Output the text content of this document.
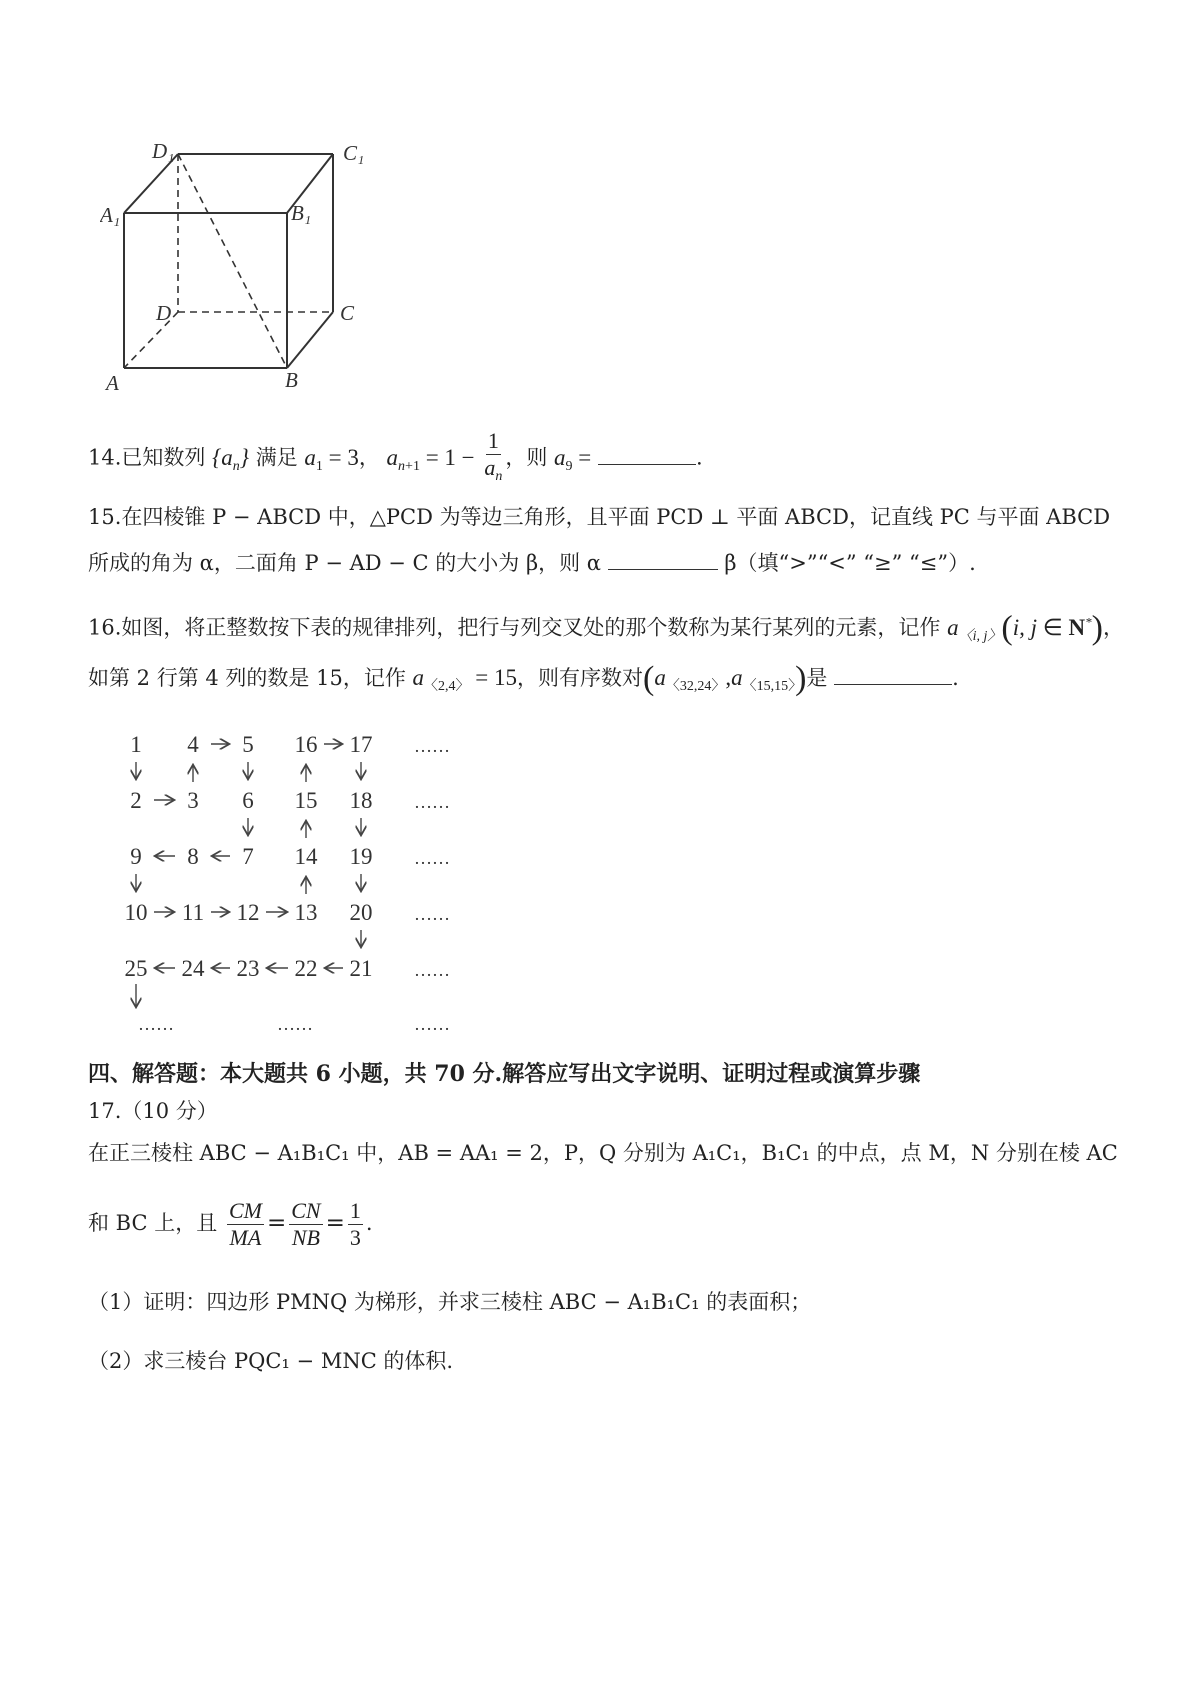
D₁	C₁
A₁	B₁
D	C
A	B
14.已知数列 $\{a_n\}$ 满足 $a_1 = 3$， $a_{n+1} = 1 - \frac{1}{a_n}$ ，则 $a_9$ =	.
15.在四棱锥 P − ABCD 中，△PCD 为等边三角形，且平面 PCD ⊥ 平面 ABCD，记直线 PC 与平面 ABCD
所成的角为 α，二面角 P − AD − C 的大小为 β，则 α	β（填“>”“<” “≥” “≤”）.
16.如图，将正整数按下表的规律排列，把行与列交叉处的那个数称为某行某列的元素，记作 $a_{〈i, j〉}(i$, j ∈ N*)，
如第 2 行第 4 列的数是 15，记作 $a_{〈2,4〉} = 15$，则有序数对$(a_{〈32,24〉},a_{〈15,15〉})$是	.
1 4 5 16 17 ……
2 3 6 15 18 ……
9 8 7 14 19 ……
10 11 12 13 20 ……
25 24 23 22 21 ……
……	……	……
四、解答题：本大题共 6 小题，共 70 分.解答应写出文字说明、证明过程或演算步骤
17.（10 分）
在正三棱柱 ABC − A₁B₁C₁ 中，AB = AA₁ = 2，P，Q 分别为 A₁C₁，B₁C₁ 的中点，点 M，N 分别在棱 AC
和 BC 上，且 $\frac{CM}{MA} = \frac{CN}{NB} = \frac{1}{3}$ .
（1）证明：四边形 PMNQ 为梯形，并求三棱柱 ABC − A₁B₁C₁ 的表面积；
（2）求三棱台 PQC₁ − MNC 的体积.
